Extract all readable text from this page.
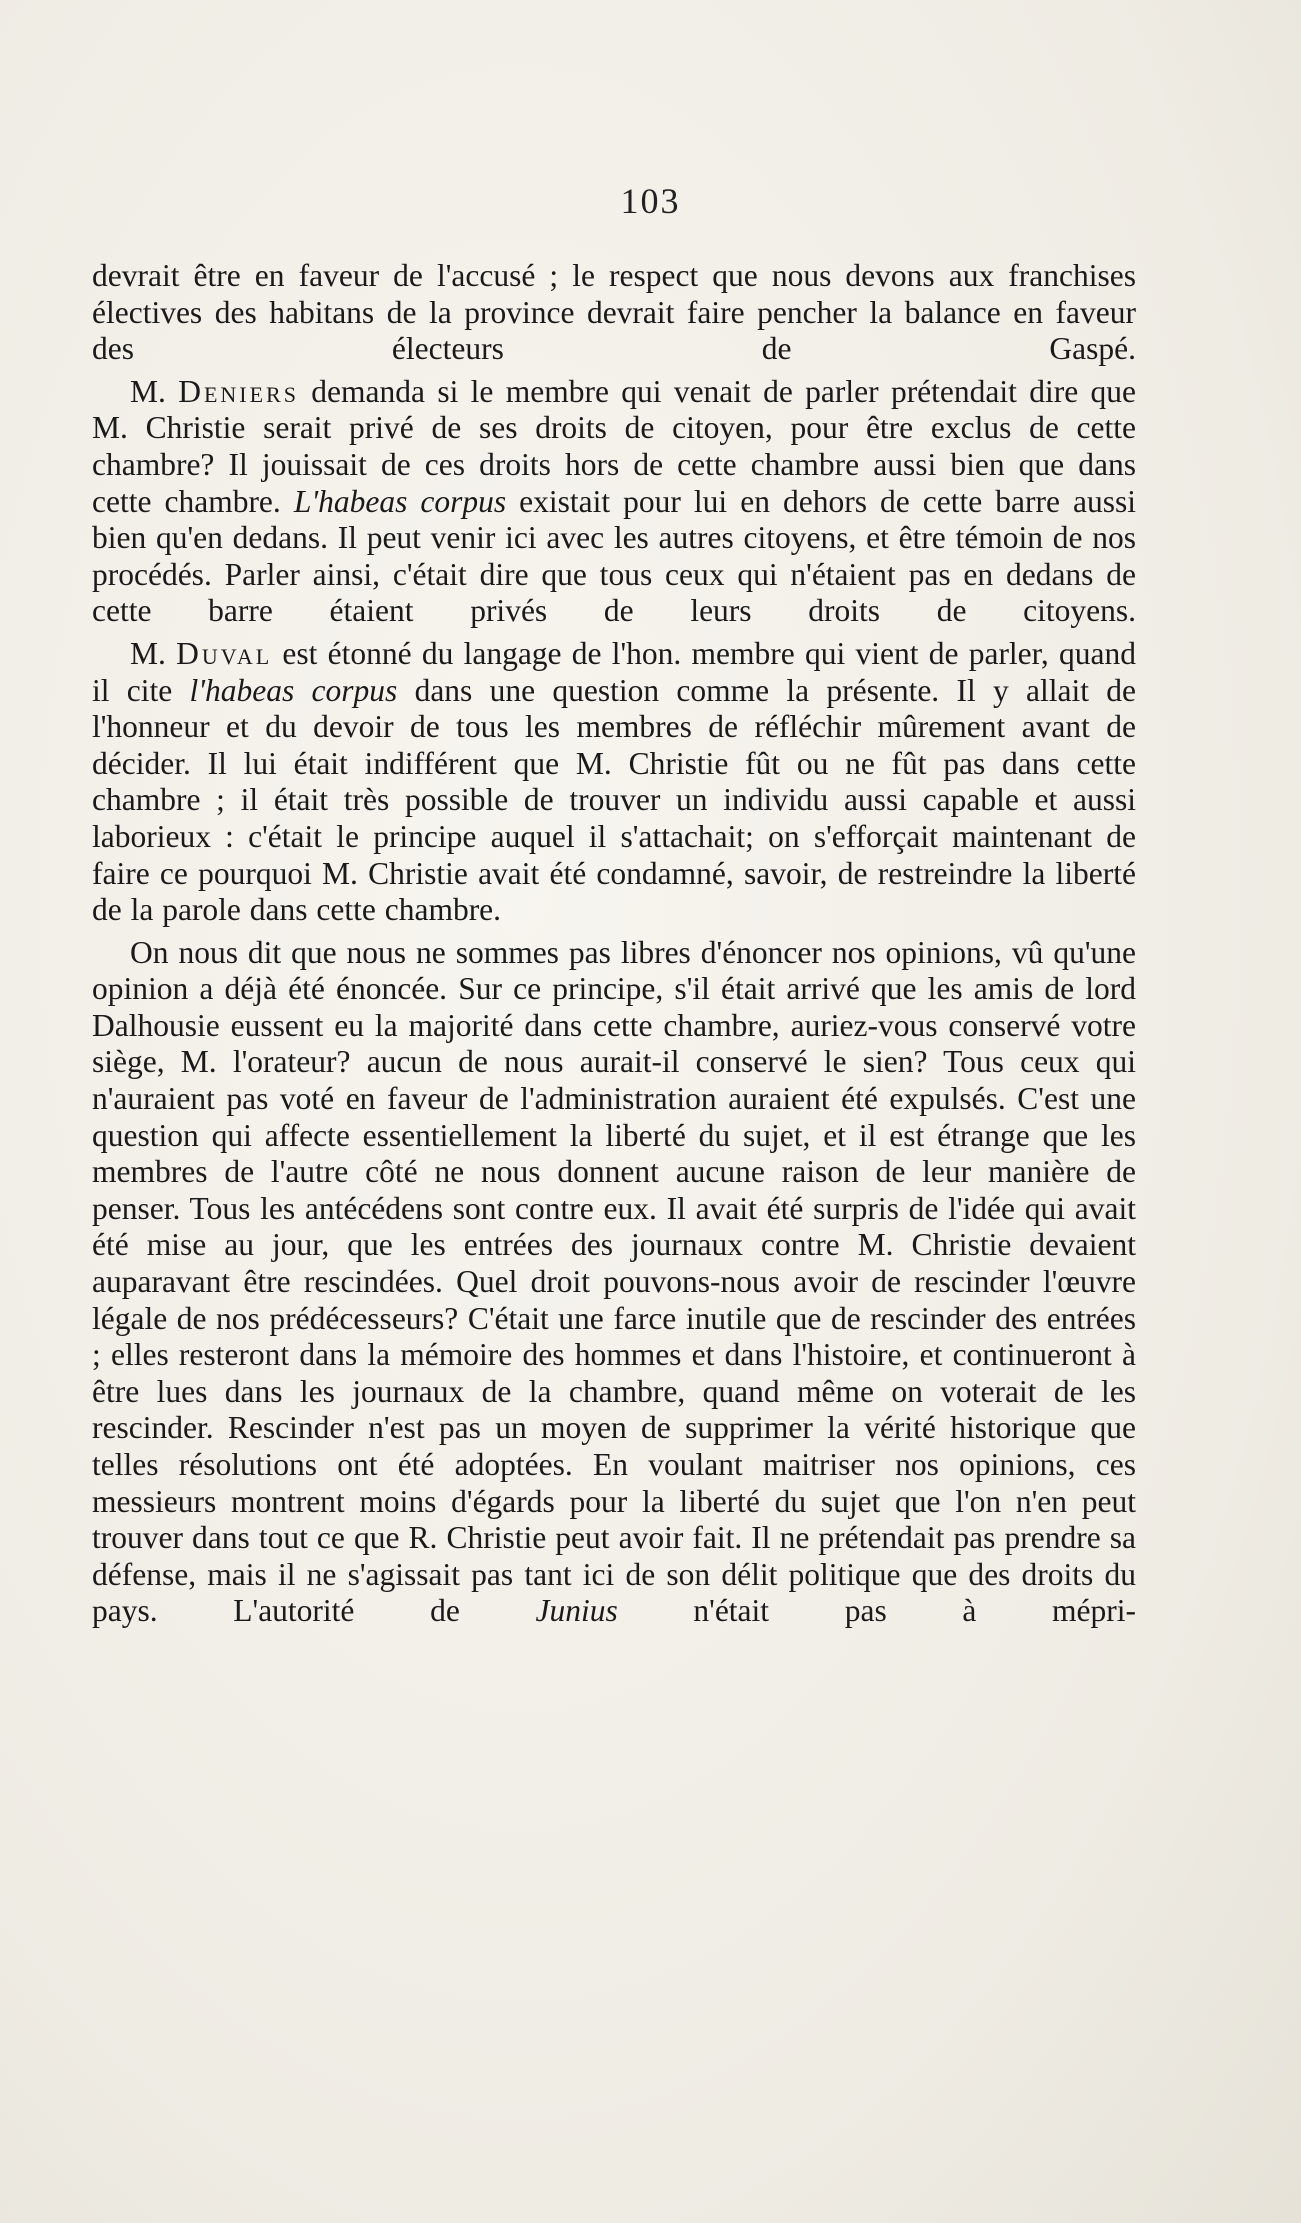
103

devrait être en faveur de l'accusé ; le respect que nous devons aux franchises électives des habitans de la province devrait faire pencher la balance en faveur des électeurs de Gaspé.

M. Deniers demanda si le membre qui venait de parler prétendait dire que M. Christie serait privé de ses droits de citoyen, pour être exclus de cette chambre? Il jouissait de ces droits hors de cette chambre aussi bien que dans cette chambre. L'habeas corpus existait pour lui en dehors de cette barre aussi bien qu'en dedans. Il peut venir ici avec les autres citoyens, et être témoin de nos procédés. Parler ainsi, c'était dire que tous ceux qui n'étaient pas en dedans de cette barre étaient privés de leurs droits de citoyens.

M. Duval est étonné du langage de l'hon. membre qui vient de parler, quand il cite l'habeas corpus dans une question comme la présente. Il y allait de l'honneur et du devoir de tous les membres de réfléchir mûrement avant de décider. Il lui était indifférent que M. Christie fût ou ne fût pas dans cette chambre ; il était très possible de trouver un individu aussi capable et aussi laborieux : c'était le principe auquel il s'attachait; on s'efforçait maintenant de faire ce pourquoi M. Christie avait été condamné, savoir, de restreindre la liberté de la parole dans cette chambre.

On nous dit que nous ne sommes pas libres d'énoncer nos opinions, vû qu'une opinion a déjà été énoncée. Sur ce principe, s'il était arrivé que les amis de lord Dalhousie eussent eu la majorité dans cette chambre, auriez-vous conservé votre siège, M. l'orateur? aucun de nous aurait-il conservé le sien? Tous ceux qui n'auraient pas voté en faveur de l'administration auraient été expulsés. C'est une question qui affecte essentiellement la liberté du sujet, et il est étrange que les membres de l'autre côté ne nous donnent aucune raison de leur manière de penser. Tous les antécédens sont contre eux. Il avait été surpris de l'idée qui avait été mise au jour, que les entrées des journaux contre M. Christie devaient auparavant être rescindées. Quel droit pouvons-nous avoir de rescinder l'œuvre légale de nos prédécesseurs? C'était une farce inutile que de rescinder des entrées ; elles resteront dans la mémoire des hommes et dans l'histoire, et continueront à être lues dans les journaux de la chambre, quand même on voterait de les rescinder. Rescinder n'est pas un moyen de supprimer la vérité historique que telles résolutions ont été adoptées. En voulant maitriser nos opinions, ces messieurs montrent moins d'égards pour la liberté du sujet que l'on n'en peut trouver dans tout ce que R. Christie peut avoir fait. Il ne prétendait pas prendre sa défense, mais il ne s'agissait pas tant ici de son délit politique que des droits du pays. L'autorité de Junius n'était pas à mépri-
